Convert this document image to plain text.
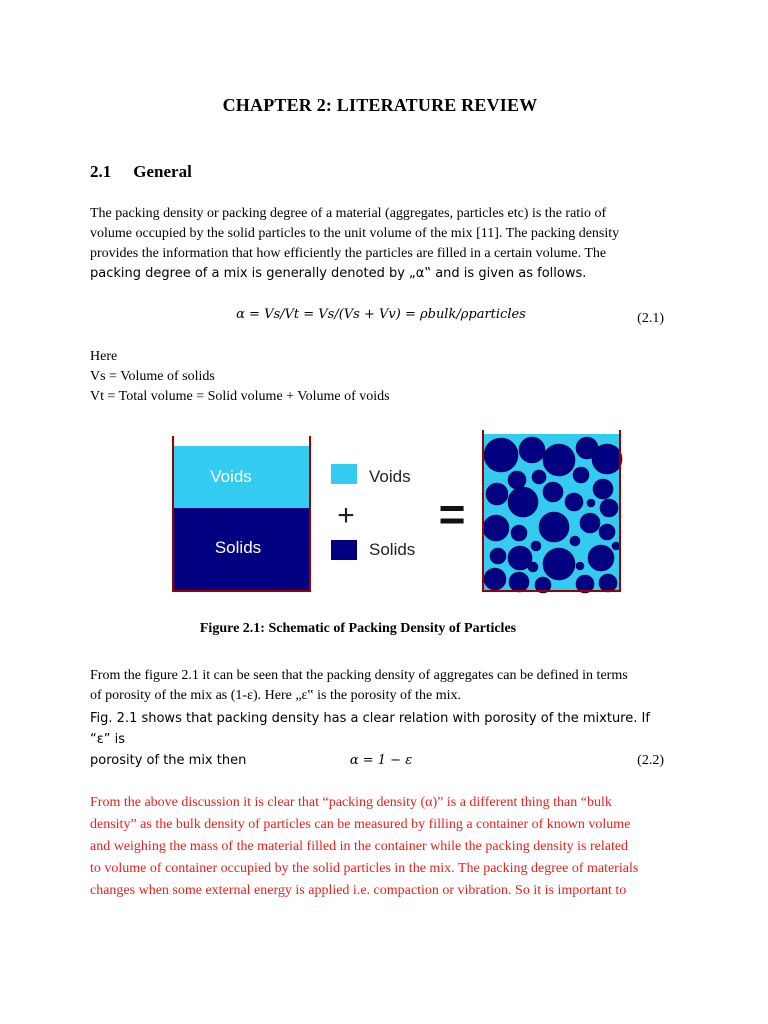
CHAPTER 2: LITERATURE REVIEW
2.1 General
The packing density or packing degree of a material (aggregates, particles etc) is the ratio of
volume occupied by the solid particles to the unit volume of the mix [11]. The packing density
provides the information that how efficiently the particles are filled in a certain volume. The
packing degree of a mix is generally denoted by „α‟ and is given as follows.
α = Vs/Vt = Vs/(Vs + Vv) = ρbulk/ρparticles	(2.1)
Here
Vs = Volume of solids
Vt = Total volume = Solid volume + Volume of voids
Voids
Solids
Voids
+
Solids
=
Figure 2.1: Schematic of Packing Density of Particles
From the figure 2.1 it can be seen that the packing density of aggregates can be defined in terms
of porosity of the mix as (1-ε). Here „ε‟ is the porosity of the mix.
Fig. 2.1 shows that packing density has a clear relation with porosity of the mixture. If “ε” is
porosity of the mix then	α = 1 − ε	(2.2)
From the above discussion it is clear that “packing density (α)” is a different thing than “bulk
density” as the bulk density of particles can be measured by filling a container of known volume
and weighing the mass of the material filled in the container while the packing density is related
to volume of container occupied by the solid particles in the mix. The packing degree of materials
changes when some external energy is applied i.e. compaction or vibration. So it is important to
